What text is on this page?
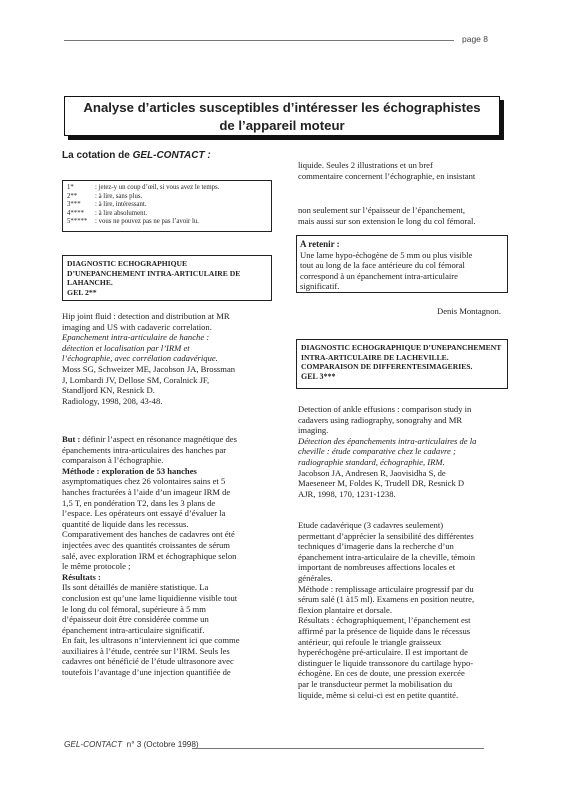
page 8
Analyse d’articles susceptibles d’intéresser les échographistes
de l’appareil moteur
La cotation de GEL-CONTACT :
1*	: jetez-y un coup d’œil, si vous avez le temps.
2**	: à lire, sans plus.
3*** : à lire, intéressant.
4**** : à lire absolument.
5***** : vous ne pouvez pas ne pas l’avoir lu.
DIAGNOSTIC ECHOGRAPHIQUE D’UNEPANCHEMENT INTRA-ARTICULAIRE DE LAHANCHE.
GEL 2**
Hip joint fluid : detection and distribution at MR
imaging and US with cadaveric correlation.
Epanchement intra-articulaire de hanche :
détection et localisation par l’IRM et
l’échographie, avec corrélation cadavérique.
Moss SG, Schweizer ME, Jacobson JA, Brossman
J, Lombardi JV, Dellose SM, Coralnick JF,
Standljord KN, Resnick D.
Radiology, 1998, 208, 43-48.
But : définir l’aspect en résonance magnétique des
épanchements intra-articulaires des hanches par
comparaison à l’échographie.
Méthode : exploration de 53 hanches
asymptomatiques chez 26 volontaires sains et 5
hanches fracturées à l’aide d’un imageur IRM de
1,5 T, en pondération T2, dans les 3 plans de
l’espace. Les opérateurs ont essayé d’évaluer la
quantité de liquide dans les recessus.
Comparativement des hanches de cadavres ont été
injectées avec des quantités croissantes de sérum
salé, avec exploration IRM et échographique selon
le même protocole ;
Résultats :
Ils sont détaillés de manière statistique. La
conclusion est qu’une lame liquidienne visible tout
le long du col fémoral, supérieure à 5 mm
d’épaisseur doit être considérée comme un
épanchement intra-articulaire significatif.
En fait, les ultrasons n’interviennent ici que comme
auxiliaires à l’étude, centrée sur l’IRM. Seuls les
cadavres ont bénéficié de l’étude ultrasonore avec
toutefois l’avantage d’une injection quantifiée de
liquide. Seules 2 illustrations et un bref
commentaire concernent l’échographie, en insistant
non seulement sur l’épaisseur de l’épanchement,
mais aussi sur son extension le long du col fémoral.
A retenir :
Une lame hypo-échogène de 5 mm ou plus visible
tout au long de la face antérieure du col fémoral
correspond à un épanchement intra-articulaire
significatif.
Denis Montagnon.
DIAGNOSTIC ECHOGRAPHIQUE D’UNEPANCHEMENT INTRA-ARTICULAIRE DE LACHEVILLE. COMPARAISON DE DIFFERENTESIMAGERIES.
GEL 3***
Detection of ankle effusions : comparison study in
cadavers using radiography, sonograhy and MR
imaging.
Détection des épanchements intra-articulaires de la
cheville : étude comparative chez le cadavre ;
radiographie standard, échographie, IRM.
Jacobson JA, Andresen R, Jaovisidha S, de
Maeseneer M, Foldes K, Trudell DR, Resnick D
AJR, 1998, 170, 1231-1238.
Etude cadavérique (3 cadavres seulement)
permettant d’apprécier la sensibilité des différentes
techniques d’imagerie dans la recherche d’un
épanchement intra-articulaire de la cheville, témoin
important de nombreuses affections locales et
générales.
Méthode : remplissage articulaire progressif par du
sérum salé (1 à15 ml). Examens en position neutre,
flexion plantaire et dorsale.
Résultats : échographiquement, l’épanchement est
affirmé par la présence de liquide dans le récessus
antérieur, qui refoule le triangle graisseux
hyperéchogène pré-articulaire. Il est important de
distinguer le liquide transsonore du cartilage hypo-
échogène. En ces de doute, une pression exercée
par le transducteur permet la mobilisation du
liquide, même si celui-ci est en petite quantité.
GEL-CONTACT n° 3 (Octobre 1998)
